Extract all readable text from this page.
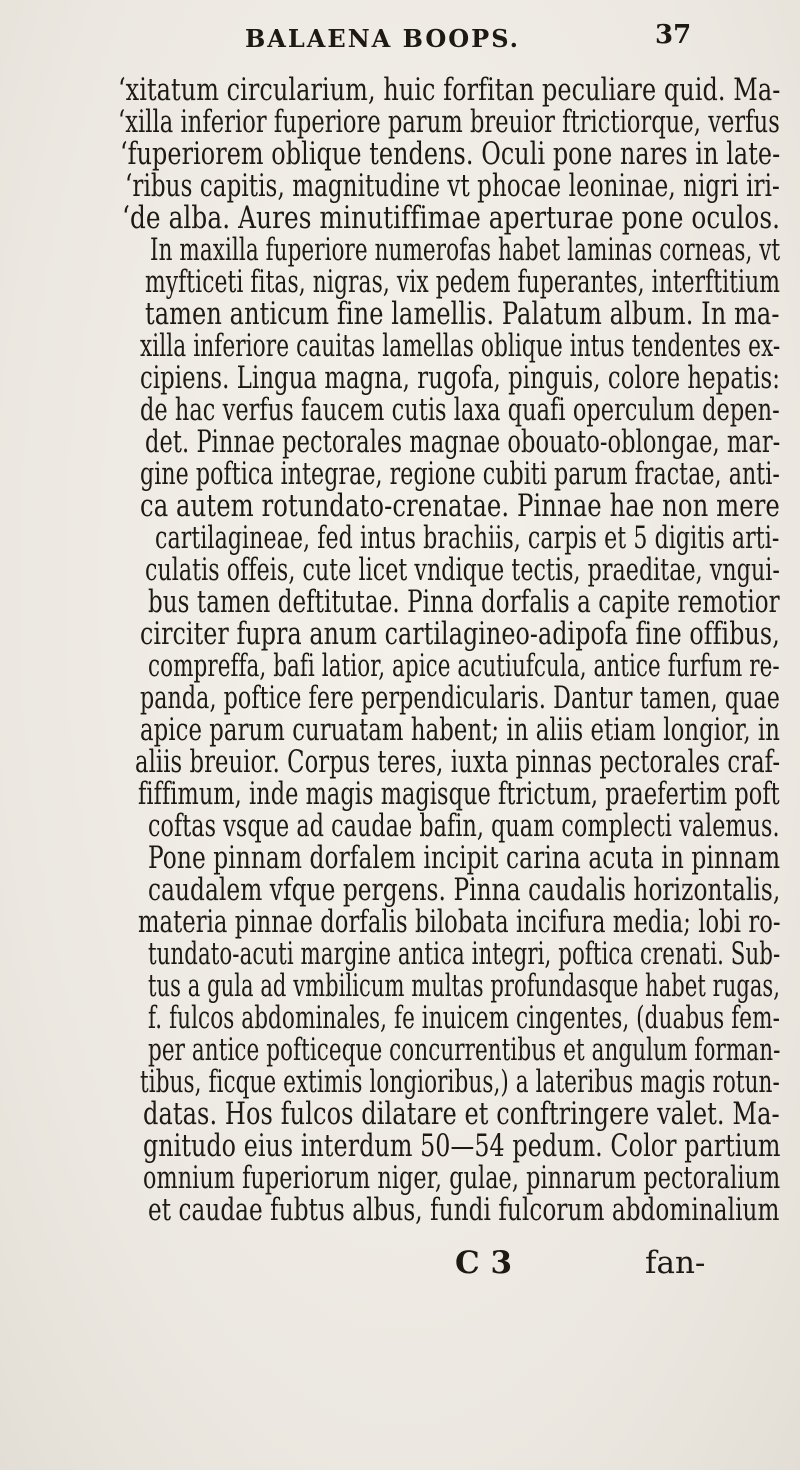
BALAENA BOOPS.	37
‘xitatum circularium, huic forfitan peculiare quid. Ma-
‘xilla inferior fuperiore parum breuior ftrictiorque, verfus
‘fuperiorem oblique tendens. Oculi pone nares in late-
‘ribus capitis, magnitudine vt phocae leoninae, nigri iri-
‘de alba. Aures minutiffimae aperturae pone oculos.
In maxilla fuperiore numerofas habet laminas corneas, vt
myfticeti fitas, nigras, vix pedem fuperantes, interftitium
tamen anticum fine lamellis. Palatum album. In ma-
xilla inferiore cauitas lamellas oblique intus tendentes ex-
cipiens. Lingua magna, rugofa, pinguis, colore hepatis:
de hac verfus faucem cutis laxa quafi operculum depen-
det. Pinnae pectorales magnae obouato-oblongae, mar-
gine poftica integrae, regione cubiti parum fractae, anti-
ca autem rotundato-crenatae. Pinnae hae non mere
cartilagineae, fed intus brachiis, carpis et 5 digitis arti-
culatis offeis, cute licet vndique tectis, praeditae, vngui-
bus tamen deftitutae. Pinna dorfalis a capite remotior
circiter fupra anum cartilagineo-adipofa fine offibus,
compreffa, bafi latior, apice acutiufcula, antice furfum re-
panda, poftice fere perpendicularis. Dantur tamen, quae
apice parum curuatam habent; in aliis etiam longior, in
aliis breuior. Corpus teres, iuxta pinnas pectorales craf-
fiffimum, inde magis magisque ftrictum, praefertim poft
coftas vsque ad caudae bafin, quam complecti valemus.
Pone pinnam dorfalem incipit carina acuta in pinnam
caudalem vfque pergens. Pinna caudalis horizontalis,
materia pinnae dorfalis bilobata incifura media; lobi ro-
tundato-acuti margine antica integri, poftica crenati. Sub-
tus a gula ad vmbilicum multas profundasque habet rugas,
f. fulcos abdominales, fe inuicem cingentes, (duabus fem-
per antice pofticeque concurrentibus et angulum forman-
tibus, ficque extimis longioribus,) a lateribus magis rotun-
datas. Hos fulcos dilatare et conftringere valet. Ma-
gnitudo eius interdum 50—54 pedum. Color partium
omnium fuperiorum niger, gulae, pinnarum pectoralium
et caudae fubtus albus, fundi fulcorum abdominalium
C 3	fan-
